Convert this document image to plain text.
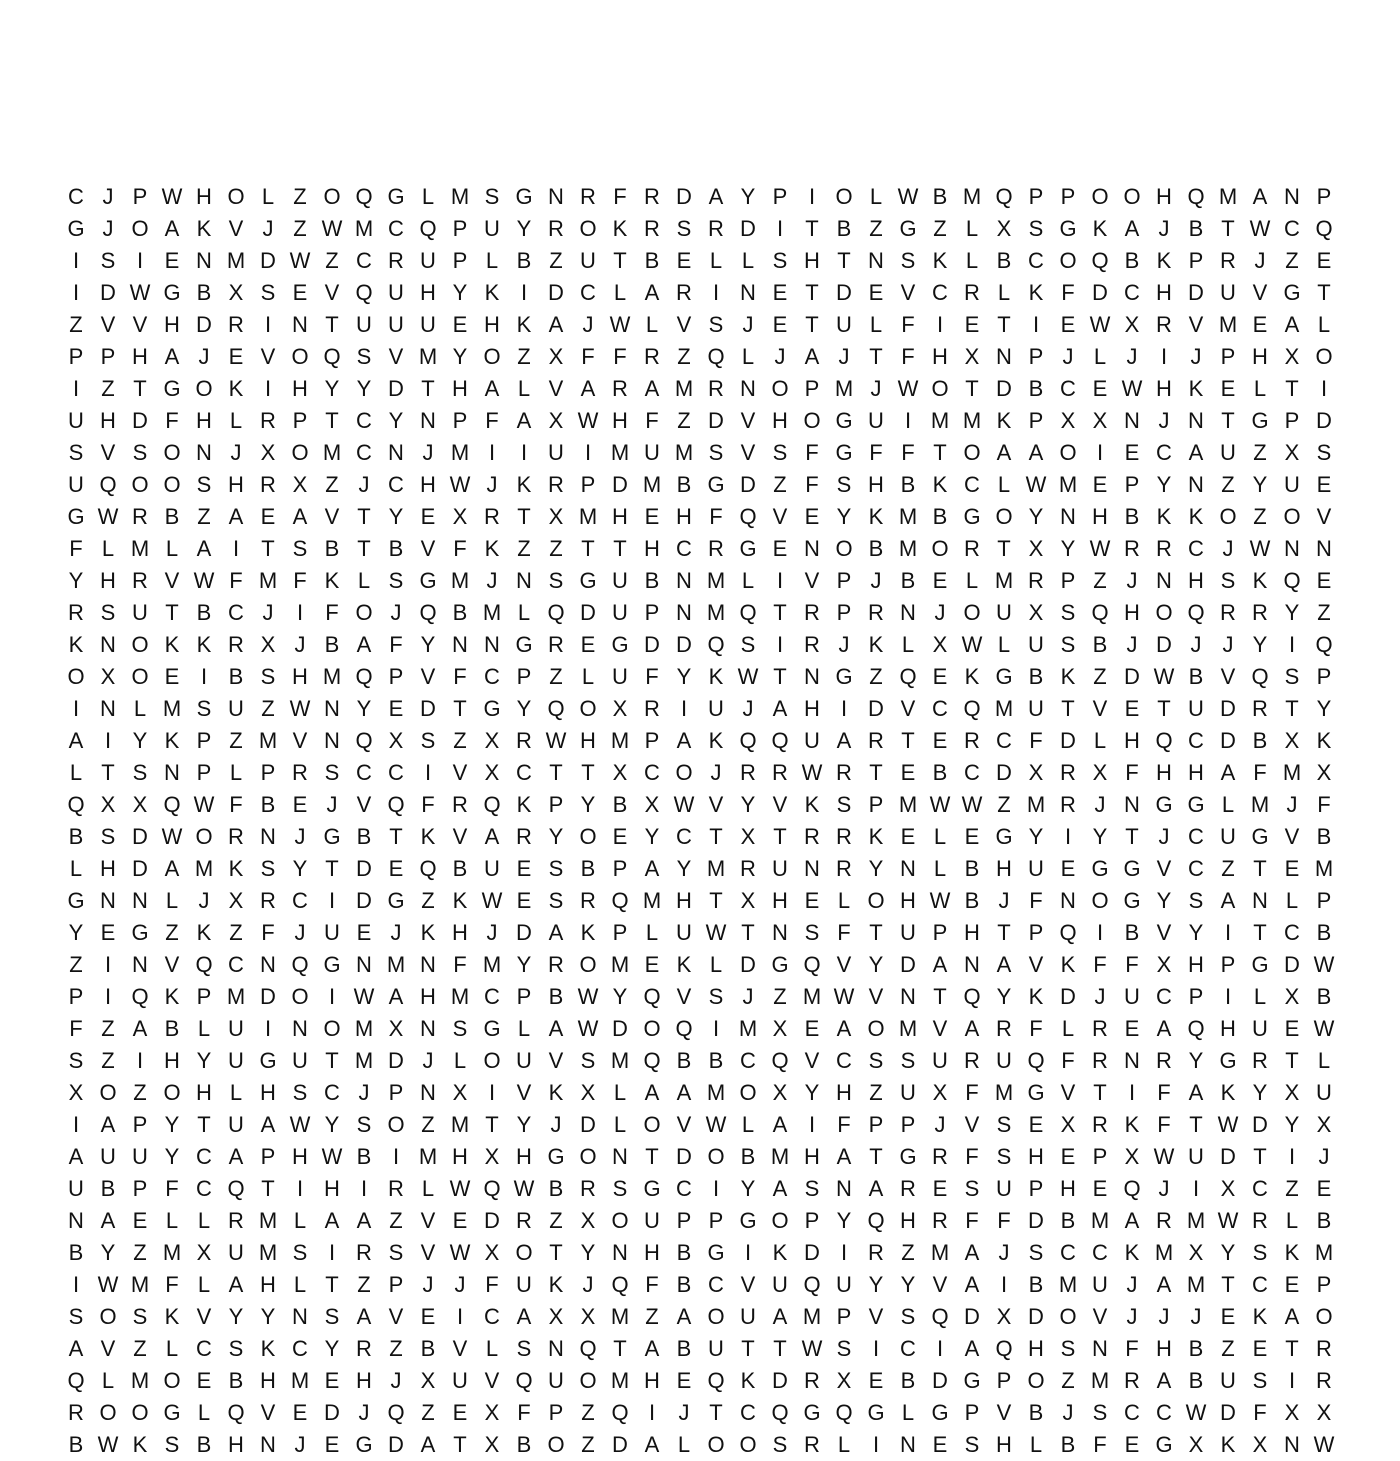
C J P W H O L Z O Q G L M S G N R F R D A Y P I O L W B M Q P P O O H Q M A N P
G J O A K V J Z W M C Q P U Y R O K R S R D I	T B Z G Z L X S G K A J B T W C Q
I S I E N M D W Z C R U P L B Z U T B E L L S H T N S K L B C O Q B K P R J Z E
I D W G B X S E V Q U H Y K I D C L A R I N E T D E V C R L K F D C H D U V G T
Z V V H D R I N T U U U E H K A J W L V S J E T U L F	I E T	I E W X R V M E A L
P P H A J E V O Q S V M Y O Z X F F R Z Q L J A J T F H X N P J L J	I	J P H X O
I	Z T G O K I H Y Y D T H A L V A R A M R N O P M J W O T D B C E W H K E L T	I
U H D F H L R P T C Y N P F A X W H F Z D V H O G U I M M K P X X N J N T G P D
S V S O N J X O M C N J M I	I U I M U M S V S F G F F T O A A O I E C A U Z X S
U Q O O S H R X Z J C H W J K R P D M B G D Z F S H B K C L W M E P Y N Z Y U E
G W R B Z A E A V T Y E X R T X M H E H F Q V E Y K M B G O Y N H B K K O Z O V
F L M L A I	T S B T B V F K Z Z T T H C R G E N O B M O R T X Y W R R C J W N N
Y H R V W F M F K L S G M J N S G U B N M L	I V P J B E L M R P Z J N H S K Q E
R S U T B C J	I	F O J Q B M L Q D U P N M Q T R P R N J O U X S Q H O Q R R Y Z
K N O K K R X J B A F Y N N G R E G D D Q S I R J K L X W L U S B J D J J Y I Q
O X O E I B S H M Q P V F C P Z L U F Y K W T N G Z Q E K G B K Z D W B V Q S P
I N L M S U Z W N Y E D T G Y Q O X R I U J A H I D V C Q M U T V E T U D R T Y
A I Y K P Z M V N Q X S Z X R W H M P A K Q Q U A R T E R C F D L H Q C D B X K
L T S N P L P R S C C I V X C T T X C O J R R W R T E B C D X R X F H H A F M X
Q X X Q W F B E J V Q F R Q K P Y B X W V Y V K S P M W W Z M R J N G G L M J F
B S D W O R N J G B T K V A R Y O E Y C T X T R R K E L E G Y I Y T J C U G V B
L H D A M K S Y T D E Q B U E S B P A Y M R U N R Y N L B H U E G G V C Z T E M
G N N L J X R C I D G Z K W E S R Q M H T X H E L O H W B J F N O G Y S A N L P
Y E G Z K Z F J U E J K H J D A K P L U W T N S F T U P H T P Q I B V Y I	T C B
Z	I N V Q C N Q G N M N F M Y R O M E K L D G Q V Y D A N A V K F F X H P G D W
P I Q K P M D O I W A H M C P B W Y Q V S J Z M W V N T Q Y K D J U C P I	L X B
F Z A B L U I N O M X N S G L A W D O Q I M X E A O M V A R F L R E A Q H U E W
S Z	I H Y U G U T M D J L O U V S M Q B B C Q V C S S U R U Q F R N R Y G R T L
X O Z O H L H S C J P N X I V K X L A A M O X Y H Z U X F M G V T	I	F A K Y X U
I A P Y T U A W Y S O Z M T Y J D L O V W L A I	F P P J V S E X R K F T W D Y X
A U U Y C A P H W B I M H X H G O N T D O B M H A T G R F S H E P X W U D T	I	J
U B P F C Q T	I H I R L W Q W B R S G C I Y A S N A R E S U P H E Q J	I X C Z E
N A E L L R M L A A Z V E D R Z X O U P P G O P Y Q H R F F D B M A R M W R L B
B Y Z M X U M S I R S V W X O T Y N H B G I K D I R Z M A J S C C K M X Y S K M
I W M F L A H L T Z P J J F U K J Q F B C V U Q U Y Y V A I B M U J A M T C E P
S O S K V Y Y N S A V E I C A X X M Z A O U A M P V S Q D X D O V J J J E K A O
A V Z L C S K C Y R Z B V L S N Q T A B U T T W S I C I A Q H S N F H B Z E T R
Q L M O E B H M E H J X U V Q U O M H E Q K D R X E B D G P O Z M R A B U S I R
R O O G L Q V E D J Q Z E X F P Z Q I	J T C Q G Q G L G P V B J S C C W D F X X
B W K S B H N J E G D A T X B O Z D A L O O S R L	I N E S H L B F E G X K X N W
